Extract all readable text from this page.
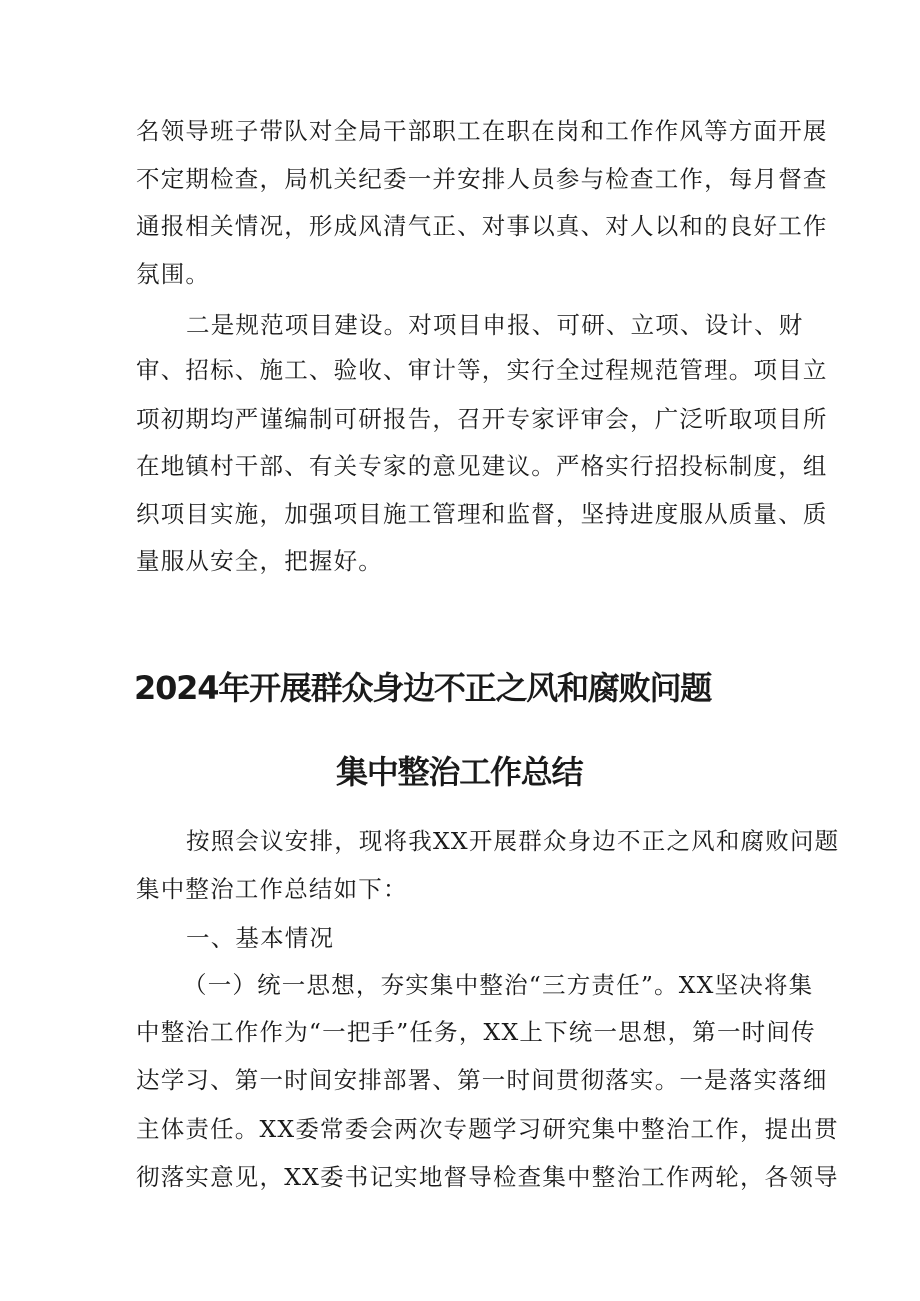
名领导班子带队对全局干部职工在职在岗和工作作风等方面开展
不定期检查，局机关纪委一并安排人员参与检查工作，每月督查
通报相关情况，形成风清气正、对事以真、对人以和的良好工作
氛围。
二是规范项目建设。对项目申报、可研、立项、设计、财
审、招标、施工、验收、审计等，实行全过程规范管理。项目立
项初期均严谨编制可研报告，召开专家评审会，广泛听取项目所
在地镇村干部、有关专家的意见建议。严格实行招投标制度，组
织项目实施，加强项目施工管理和监督，坚持进度服从质量、质
量服从安全，把握好。
2024年开展群众身边不正之风和腐败问题
集中整治工作总结
按照会议安排，现将我XX开展群众身边不正之风和腐败问题
集中整治工作总结如下：
一、基本情况
（一）统一思想，夯实集中整治“三方责任”。XX坚决将集
中整治工作作为“一把手”任务，XX上下统一思想，第一时间传
达学习、第一时间安排部署、第一时间贯彻落实。一是落实落细
主体责任。XX委常委会两次专题学习研究集中整治工作，提出贯
彻落实意见，XX委书记实地督导检查集中整治工作两轮，各领导
